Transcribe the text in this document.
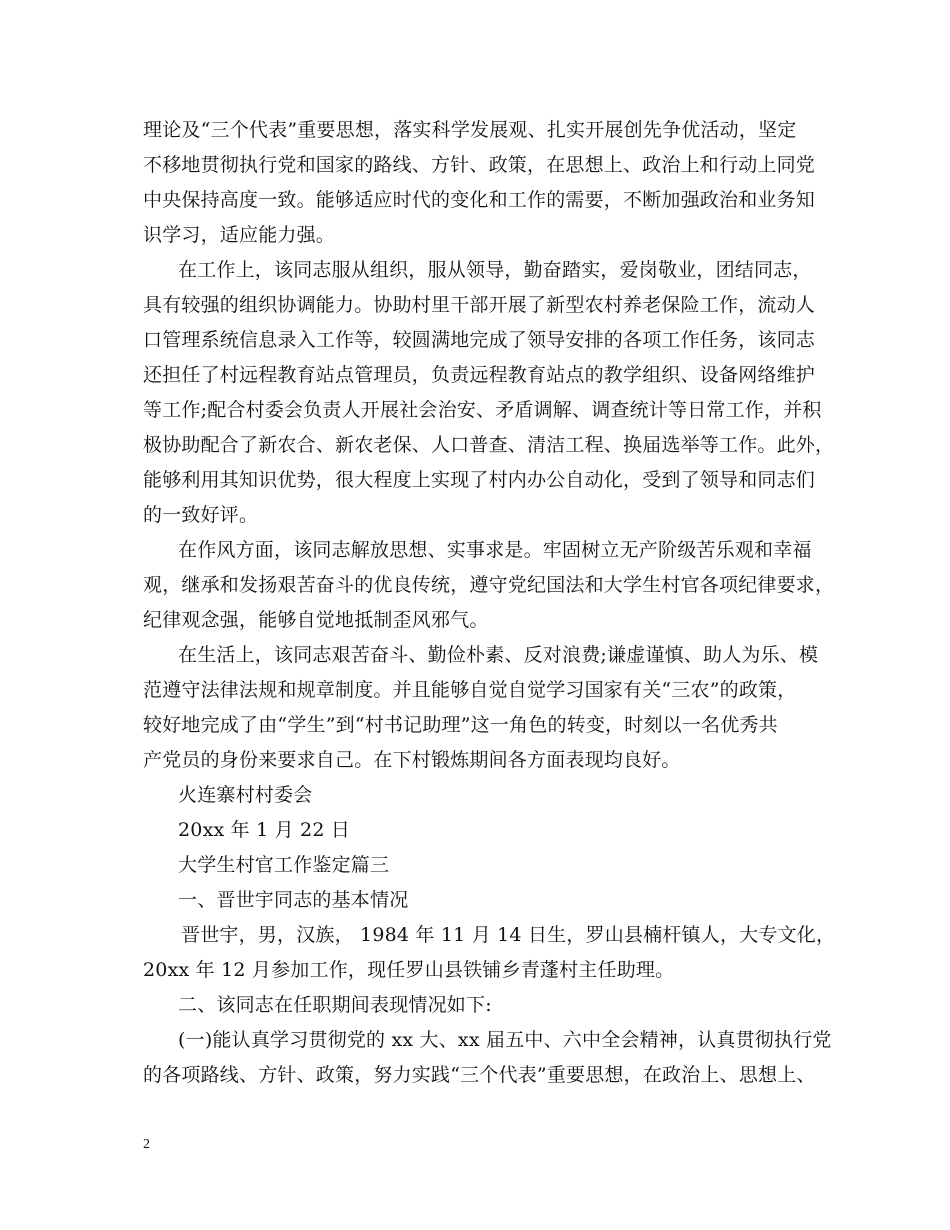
理论及“三个代表”重要思想，落实科学发展观、扎实开展创先争优活动，坚定
不移地贯彻执行党和国家的路线、方针、政策，在思想上、政治上和行动上同党
中央保持高度一致。能够适应时代的变化和工作的需要，不断加强政治和业务知
识学习，适应能力强。
在工作上，该同志服从组织，服从领导，勤奋踏实，爱岗敬业，团结同志，
具有较强的组织协调能力。协助村里干部开展了新型农村养老保险工作，流动人
口管理系统信息录入工作等，较圆满地完成了领导安排的各项工作任务，该同志
还担任了村远程教育站点管理员，负责远程教育站点的教学组织、设备网络维护
等工作;配合村委会负责人开展社会治安、矛盾调解、调查统计等日常工作，并积
极协助配合了新农合、新农老保、人口普查、清洁工程、换届选举等工作。此外，
能够利用其知识优势，很大程度上实现了村内办公自动化，受到了领导和同志们
的一致好评。
在作风方面，该同志解放思想、实事求是。牢固树立无产阶级苦乐观和幸福
观，继承和发扬艰苦奋斗的优良传统，遵守党纪国法和大学生村官各项纪律要求，
纪律观念强，能够自觉地抵制歪风邪气。
在生活上，该同志艰苦奋斗、勤俭朴素、反对浪费;谦虚谨慎、助人为乐、模
范遵守法律法规和规章制度。并且能够自觉自觉学习国家有关“三农”的政策，
较好地完成了由“学生”到“村书记助理”这一角色的转变，时刻以一名优秀共
产党员的身份来要求自己。在下村锻炼期间各方面表现均良好。
火连寨村村委会
20xx 年 1 月 22 日
大学生村官工作鉴定篇三
一、晋世宇同志的基本情况
晋世宇，男，汉族， 1984 年 11 月 14 日生，罗山县楠杆镇人，大专文化，
20xx 年 12 月参加工作，现任罗山县铁铺乡青蓬村主任助理。
二、该同志在任职期间表现情况如下:
(一)能认真学习贯彻党的 xx 大、xx 届五中、六中全会精神，认真贯彻执行党
的各项路线、方针、政策，努力实践“三个代表”重要思想，在政治上、思想上、
2
